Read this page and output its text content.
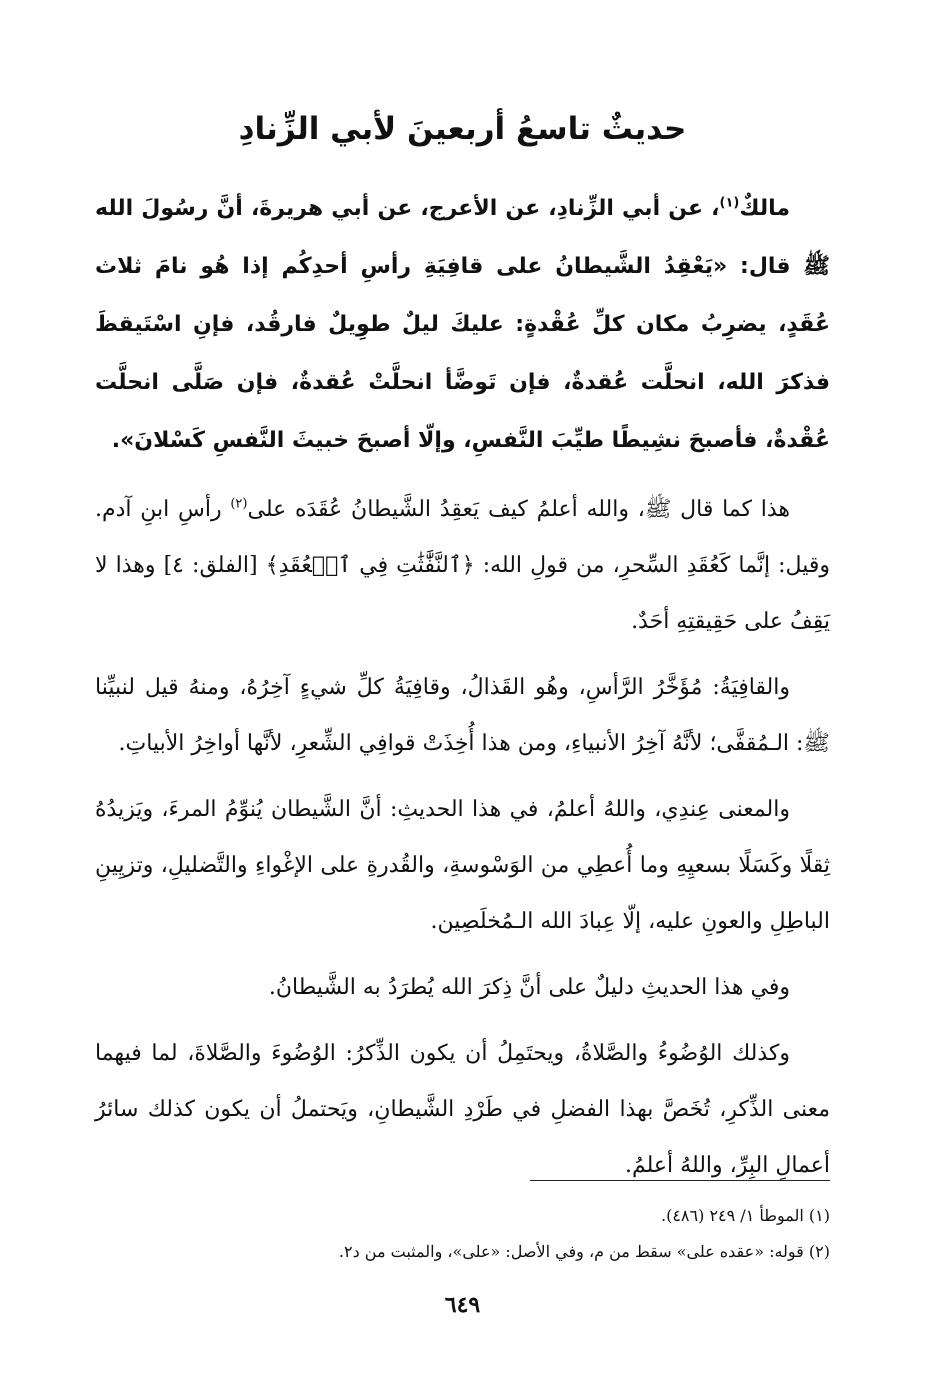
حديثٌ تاسعُ أربعينَ لأبي الزِّنادِ

مالكٌ$^{(١)}$، عن أبي الزِّنادِ، عن الأعرج، عن أبي هريرةَ، أنَّ رسُولَ الله ﷺ قال: «يَعْقِدُ الشَّيطانُ على قافِيَةِ رأسِ أحدِكُم إذا هُو نامَ ثلاث عُقَدٍ، يضرِبُ مكان كلِّ عُقْدةٍ: عليكَ ليلٌ طوِيلٌ فارقُد، فإنِ اسْتَيقظَ فذكرَ الله، انحلَّت عُقدةٌ، فإن تَوضَّأ انحلَّتْ عُقدةٌ، فإن صَلَّى انحلَّت عُقْدةٌ، فأصبحَ نشِيطًا طيِّبَ النَّفسِ، وإلّا أصبحَ خبيثَ النَّفسِ كَسْلانَ».

هذا كما قال ﷺ، والله أعلمُ كيف يَعقِدُ الشَّيطانُ عُقَدَه على$^{(٢)}$ رأسِ ابنِ آدم. وقيل: إنَّما كَعُقَدِ السِّحرِ، من قولِ الله: ﴿ٱلنَّفَّٰثَٰتِ فِي ٱلۡعُقَدِ﴾ [الفلق: ٤] وهذا لا يَقِفُ على حَقِيقتِهِ أحَدٌ.

والقافِيَةُ: مُؤَخَّرُ الرَّأسِ، وهُو القَذالُ، وقافِيَةُ كلِّ شيءٍ آخِرُهُ، ومنهُ قيل لنبيِّنا ﷺ: الـمُقفَّى؛ لأنَّهُ آخِرُ الأنبياءِ، ومن هذا أُخِذَتْ قوافِي الشِّعرِ، لأنَّها أواخِرُ الأبياتِ.

والمعنى عِندِي، واللهُ أعلمُ، في هذا الحديثِ: أنَّ الشَّيطان يُنوِّمُ المرءَ، ويَزيدُهُ ثِقلًا وكَسَلًا بسعيِهِ وما أُعطِي من الوَسْوسةِ، والقُدرةِ على الإغْواءِ والتَّضليلِ، وتزيِينِ الباطِلِ والعونِ عليه، إلّا عِبادَ الله الـمُخلَصِين.

وفي هذا الحديثِ دليلٌ على أنَّ ذِكرَ الله يُطرَدُ به الشَّيطانُ.

وكذلك الوُضُوءُ والصَّلاةُ، ويحتَمِلُ أن يكون الذِّكرُ: الوُضُوءَ والصَّلاةَ، لما فيهما معنى الذِّكرِ، تُخَصَّ بهذا الفضلِ في طَرْدِ الشَّيطانِ، ويَحتملُ أن يكون كذلك سائرُ أعمالِ البِرِّ، واللهُ أعلمُ.

(١) الموطأ ١/ ٢٤٩ (٤٨٦).
(٢) قوله: «عقده على» سقط من م، وفي الأصل: «على»، والمثبت من د٢.
٦٤٩
